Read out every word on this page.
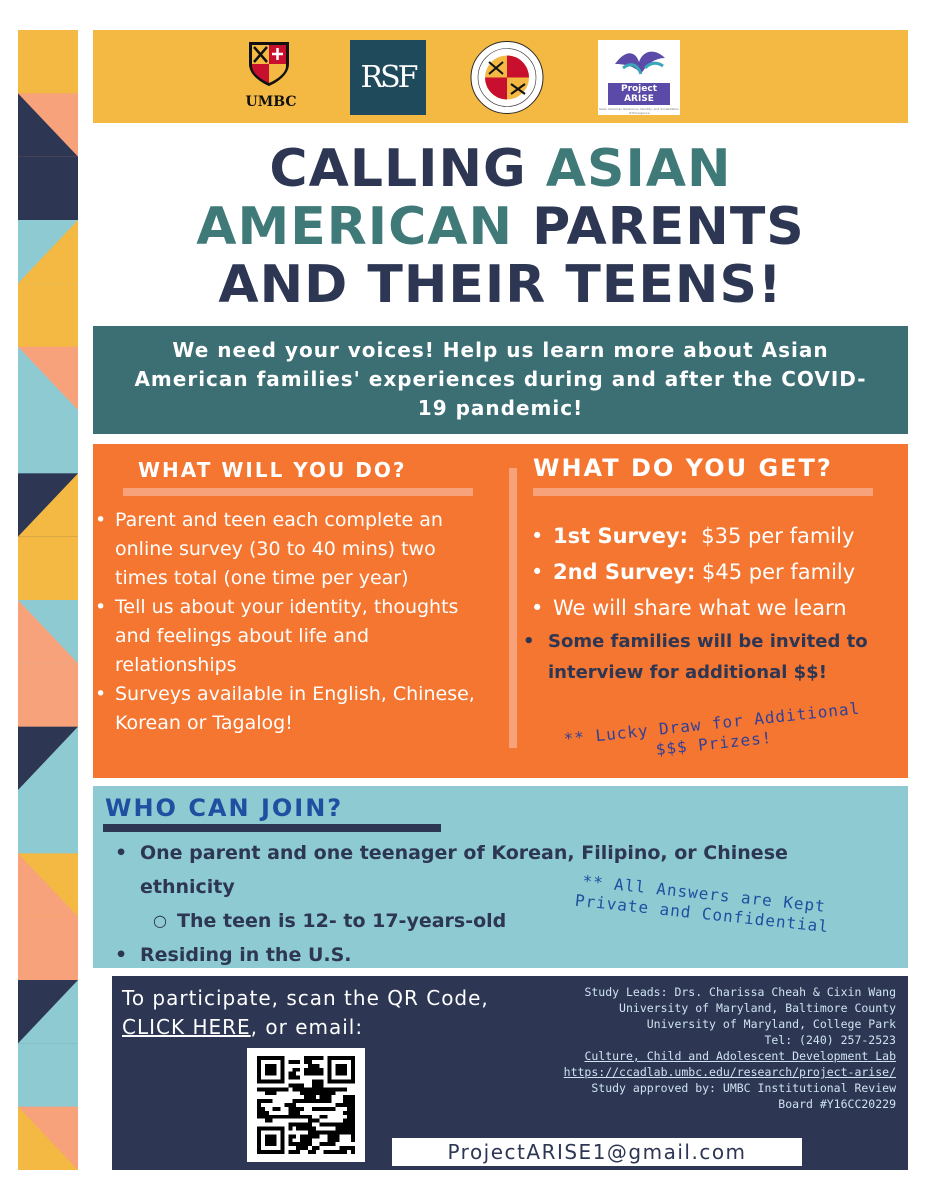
UMBC
RSF	Project ARISE
Asian American Resilience, Identity, and Socialization of Emergence
CALLING ASIAN
AMERICAN PARENTS
AND THEIR TEENS!

We need your voices! Help us learn more about Asian American families' experiences during and after the COVID-19 pandemic!

WHAT WILL YOU DO?	WHAT DO YOU GET?
• Parent and teen each complete an online survey (30 to 40 mins) two times total (one time per year)
• Tell us about your identity, thoughts and feelings about life and relationships
• Surveys available in English, Chinese, Korean or Tagalog!
• 1st Survey:  $35 per family
• 2nd Survey: $45 per family
• We will share what we learn
• Some families will be invited to interview for additional $$!
** Lucky Draw for Additional $$$ Prizes!
WHO CAN JOIN?
• One parent and one teenager of Korean, Filipino, or Chinese ethnicity
○ The teen is 12- to 17-years-old
• Residing in the U.S.
** All Answers are Kept Private and Confidential
To participate, scan the QR Code, CLICK HERE, or email:
Study Leads: Drs. Charissa Cheah & Cixin Wang
University of Maryland, Baltimore County
University of Maryland, College Park
Tel: (240) 257-2523
Culture, Child and Adolescent Development Lab
https://ccadlab.umbc.edu/research/project-arise/
Study approved by: UMBC Institutional Review
Board #Y16CC20229
ProjectARISE1@gmail.com
